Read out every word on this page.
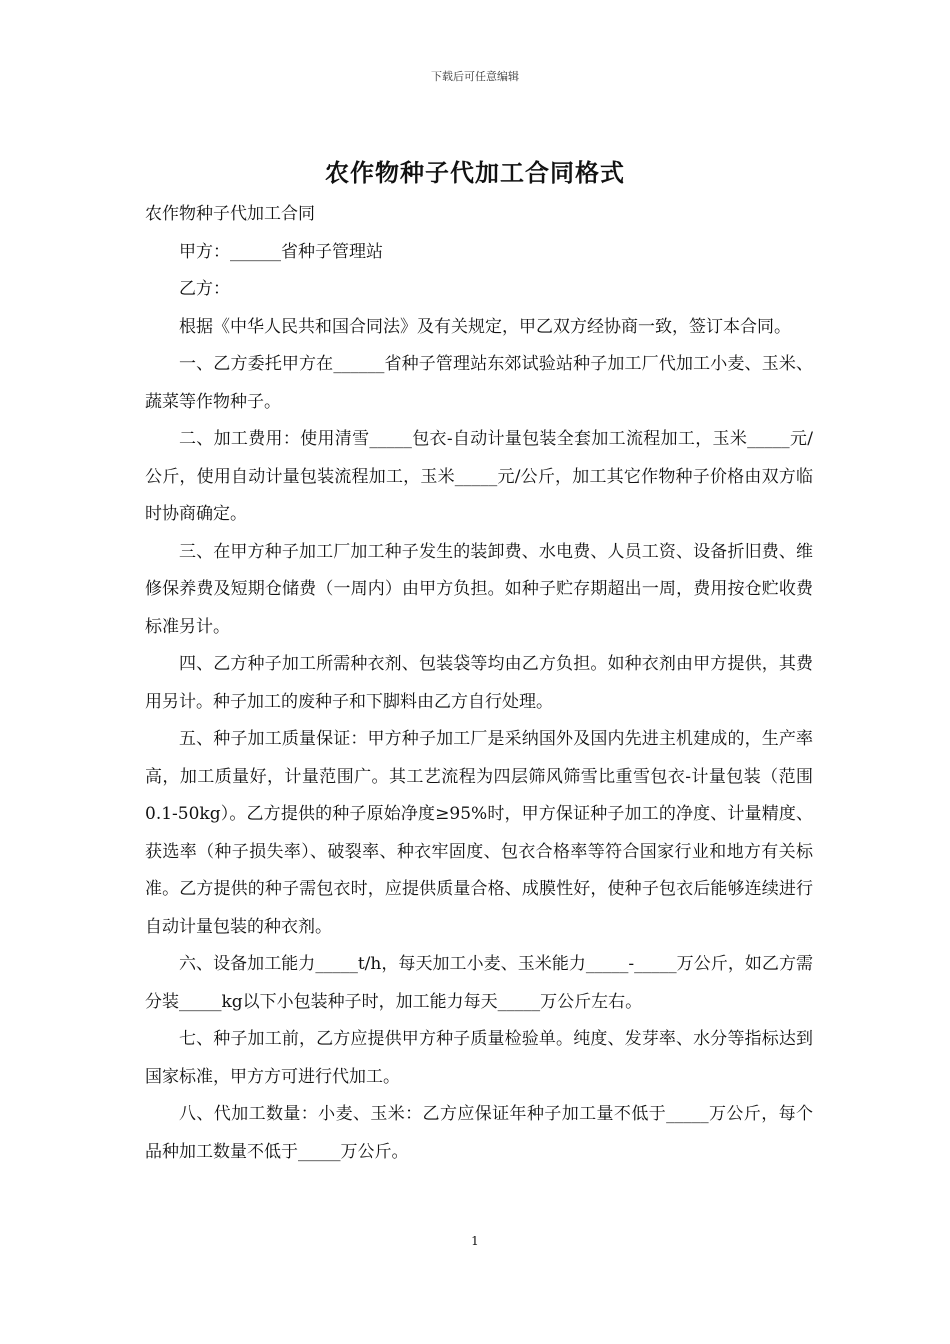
下载后可任意编辑
农作物种子代加工合同格式

农作物种子代加工合同

甲方：______省种子管理站

乙方：

根据《中华人民共和国合同法》及有关规定，甲乙双方经协商一致，签订本合同。

一、乙方委托甲方在______省种子管理站东郊试验站种子加工厂代加工小麦、玉米、蔬菜等作物种子。

二、加工费用：使用清雪_____包衣-自动计量包装全套加工流程加工，玉米_____元/公斤，使用自动计量包装流程加工，玉米_____元/公斤，加工其它作物种子价格由双方临时协商确定。

三、在甲方种子加工厂加工种子发生的装卸费、水电费、人员工资、设备折旧费、维修保养费及短期仓储费（一周内）由甲方负担。如种子贮存期超出一周，费用按仓贮收费标准另计。

四、乙方种子加工所需种衣剂、包装袋等均由乙方负担。如种衣剂由甲方提供，其费用另计。种子加工的废种子和下脚料由乙方自行处理。

五、种子加工质量保证：甲方种子加工厂是采纳国外及国内先进主机建成的，生产率高，加工质量好，计量范围广。其工艺流程为四层筛风筛雪比重雪包衣-计量包装（范围0.1-50kg）。乙方提供的种子原始净度≥95%时，甲方保证种子加工的净度、计量精度、获选率（种子损失率）、破裂率、种衣牢固度、包衣合格率等符合国家行业和地方有关标准。乙方提供的种子需包衣时，应提供质量合格、成膜性好，使种子包衣后能够连续进行自动计量包装的种衣剂。

六、设备加工能力_____t/h，每天加工小麦、玉米能力_____-_____万公斤，如乙方需分装_____kg以下小包装种子时，加工能力每天_____万公斤左右。

七、种子加工前，乙方应提供甲方种子质量检验单。纯度、发芽率、水分等指标达到国家标准，甲方方可进行代加工。

八、代加工数量：小麦、玉米：乙方应保证年种子加工量不低于_____万公斤，每个品种加工数量不低于_____万公斤。

1
